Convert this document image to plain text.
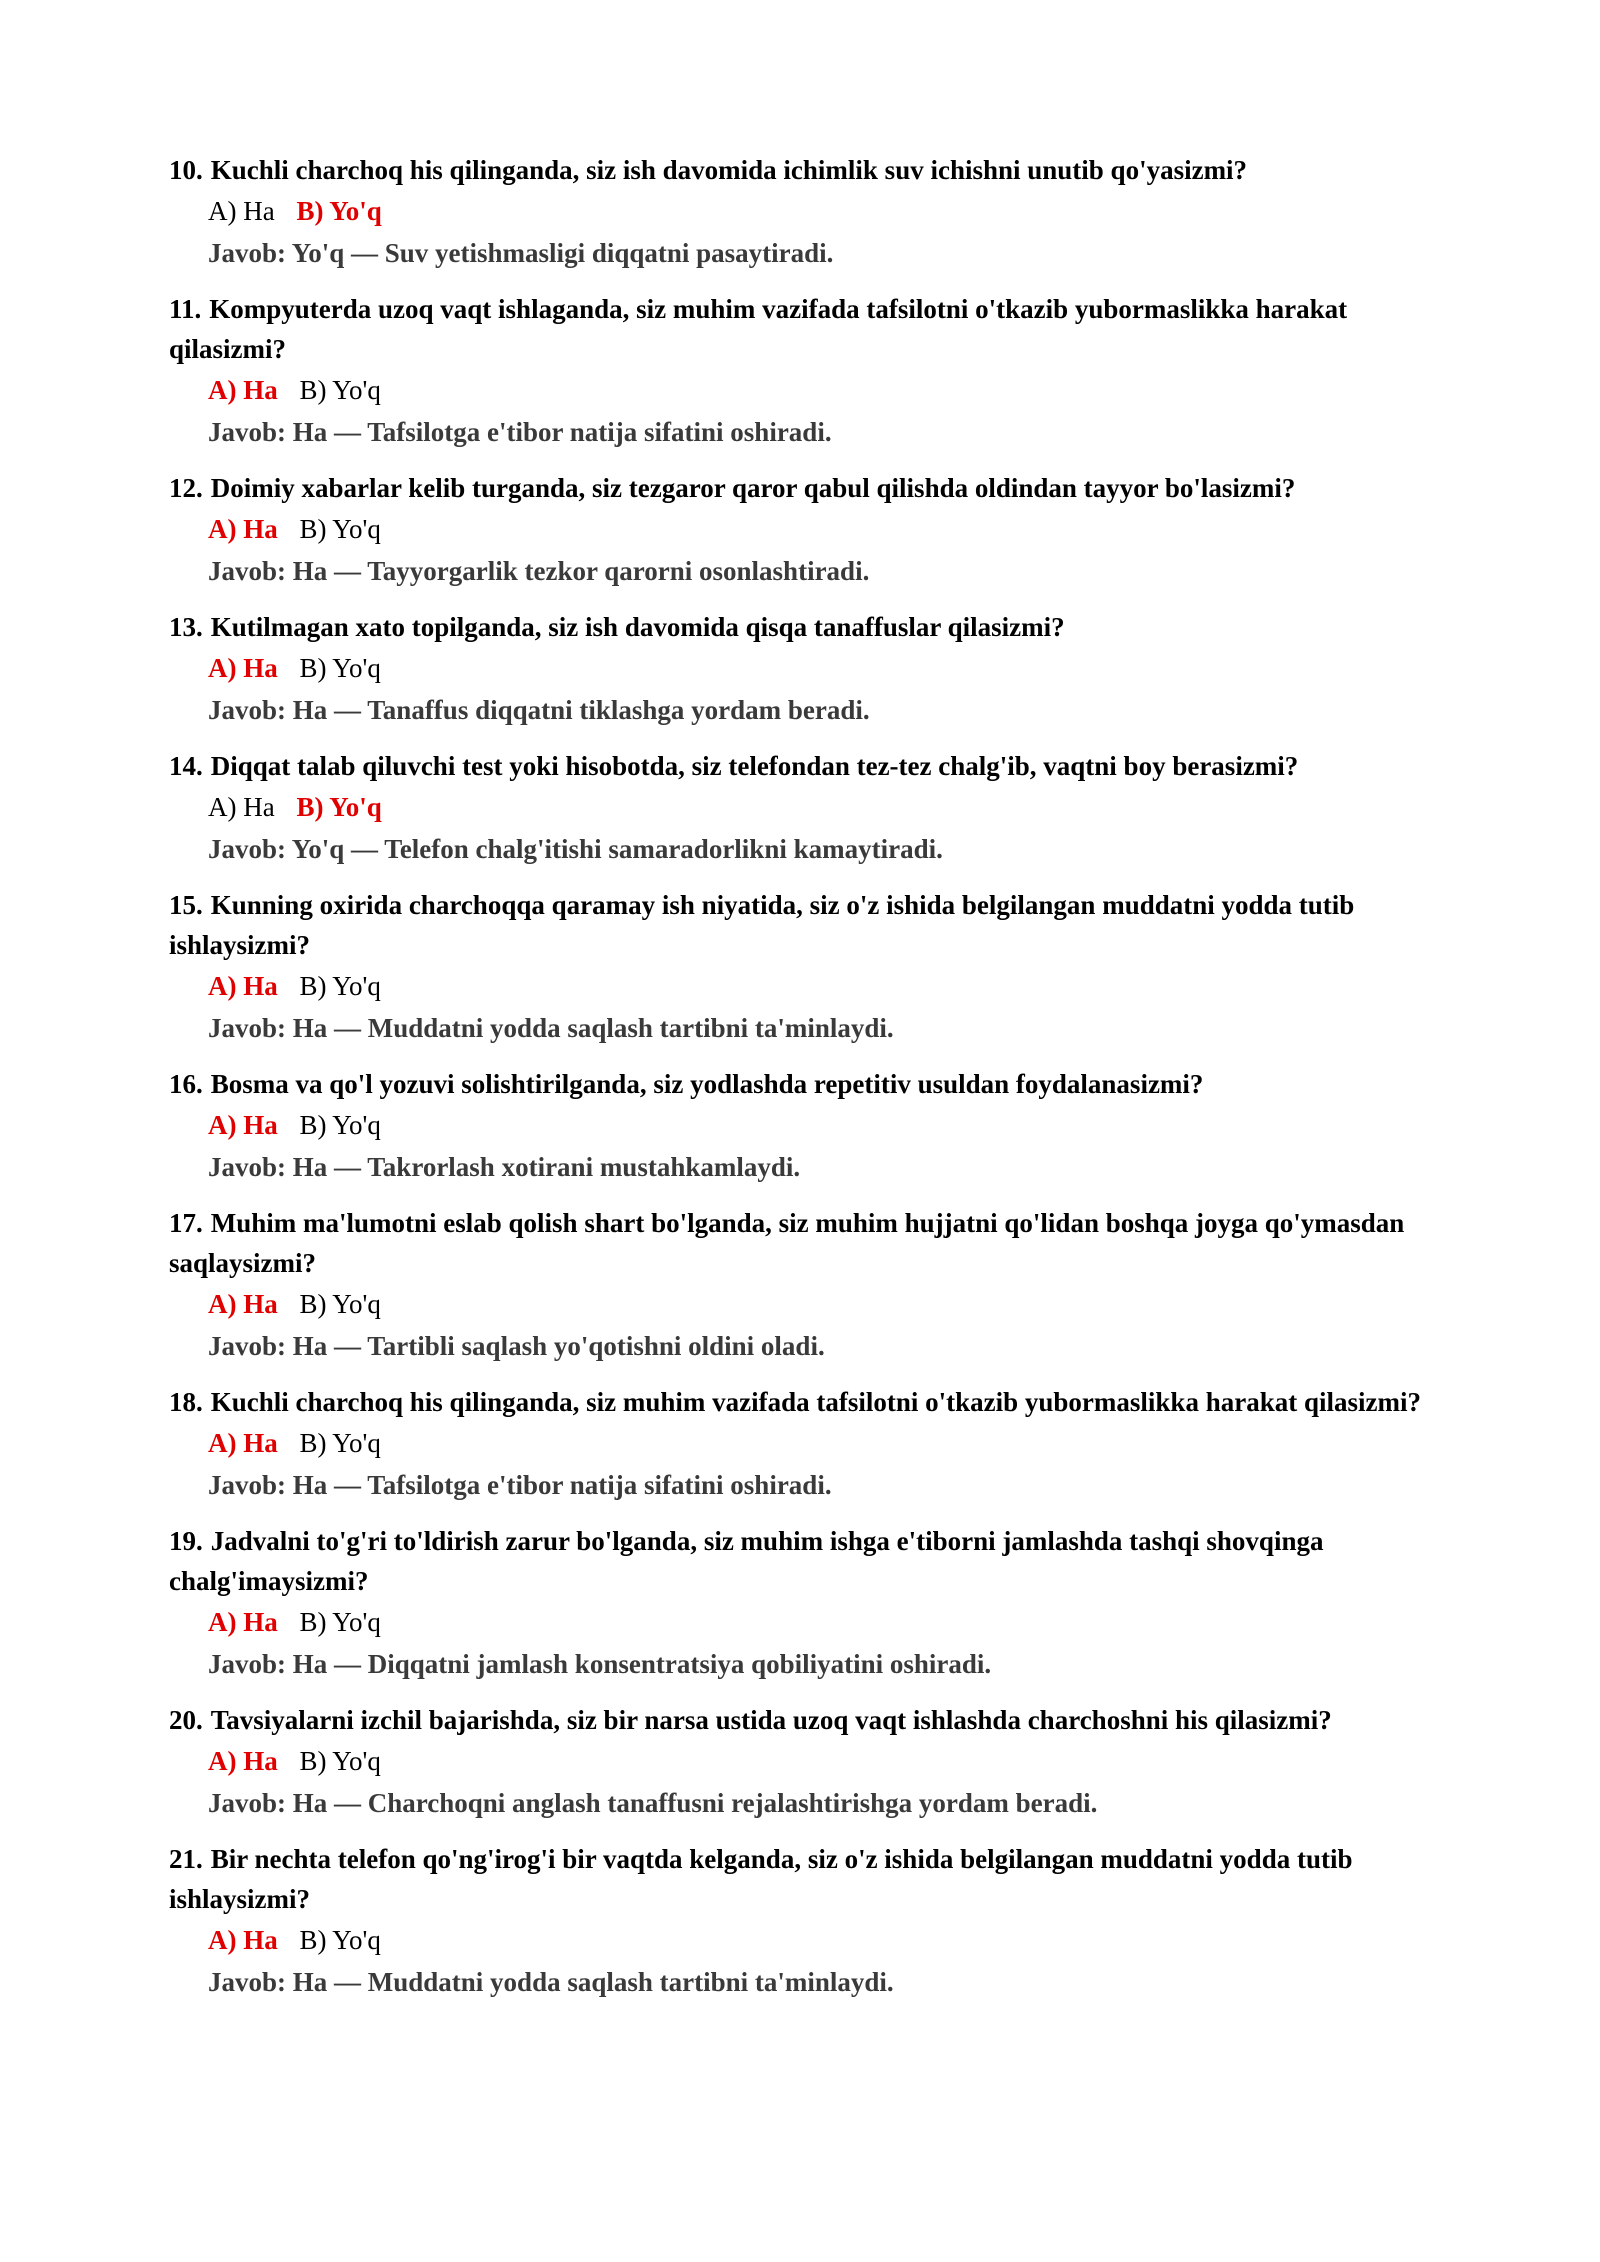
10. Kuchli charchoq his qilinganda, siz ish davomida ichimlik suv ichishni unutib qo'yasizmi?

A) Ha B) Yo'q

Javob: Yo'q — Suv yetishmasligi diqqatni pasaytiradi.

11. Kompyuterda uzoq vaqt ishlaganda, siz muhim vazifada tafsilotni o'tkazib yubormaslikka harakat qilasizmi?

A) Ha B) Yo'q

Javob: Ha — Tafsilotga e'tibor natija sifatini oshiradi.

12. Doimiy xabarlar kelib turganda, siz tezgaror qaror qabul qilishda oldindan tayyor bo'lasizmi?

A) Ha B) Yo'q

Javob: Ha — Tayyorgarlik tezkor qarorni osonlashtiradi.

13. Kutilmagan xato topilganda, siz ish davomida qisqa tanaffuslar qilasizmi?

A) Ha B) Yo'q

Javob: Ha — Tanaffus diqqatni tiklashga yordam beradi.

14. Diqqat talab qiluvchi test yoki hisobotda, siz telefondan tez-tez chalg'ib, vaqtni boy berasizmi?

A) Ha B) Yo'q

Javob: Yo'q — Telefon chalg'itishi samaradorlikni kamaytiradi.

15. Kunning oxirida charchoqqa qaramay ish niyatida, siz o'z ishida belgilangan muddatni yodda tutib ishlaysizmi?

A) Ha B) Yo'q

Javob: Ha — Muddatni yodda saqlash tartibni ta'minlaydi.

16. Bosma va qo'l yozuvi solishtirilganda, siz yodlashda repetitiv usuldan foydalanasizmi?

A) Ha B) Yo'q

Javob: Ha — Takrorlash xotirani mustahkamlaydi.

17. Muhim ma'lumotni eslab qolish shart bo'lganda, siz muhim hujjatni qo'lidan boshqa joyga qo'ymasdan saqlaysizmi?

A) Ha B) Yo'q

Javob: Ha — Tartibli saqlash yo'qotishni oldini oladi.

18. Kuchli charchoq his qilinganda, siz muhim vazifada tafsilotni o'tkazib yubormaslikka harakat qilasizmi?

A) Ha B) Yo'q

Javob: Ha — Tafsilotga e'tibor natija sifatini oshiradi.

19. Jadvalni to'g'ri to'ldirish zarur bo'lganda, siz muhim ishga e'tiborni jamlashda tashqi shovqinga chalg'imaysizmi?

A) Ha B) Yo'q

Javob: Ha — Diqqatni jamlash konsentratsiya qobiliyatini oshiradi.

20. Tavsiyalarni izchil bajarishda, siz bir narsa ustida uzoq vaqt ishlashda charchoshni his qilasizmi?

A) Ha B) Yo'q

Javob: Ha — Charchoqni anglash tanaffusni rejalashtirishga yordam beradi.

21. Bir nechta telefon qo'ng'irog'i bir vaqtda kelganda, siz o'z ishida belgilangan muddatni yodda tutib ishlaysizmi?

A) Ha B) Yo'q

Javob: Ha — Muddatni yodda saqlash tartibni ta'minlaydi.
